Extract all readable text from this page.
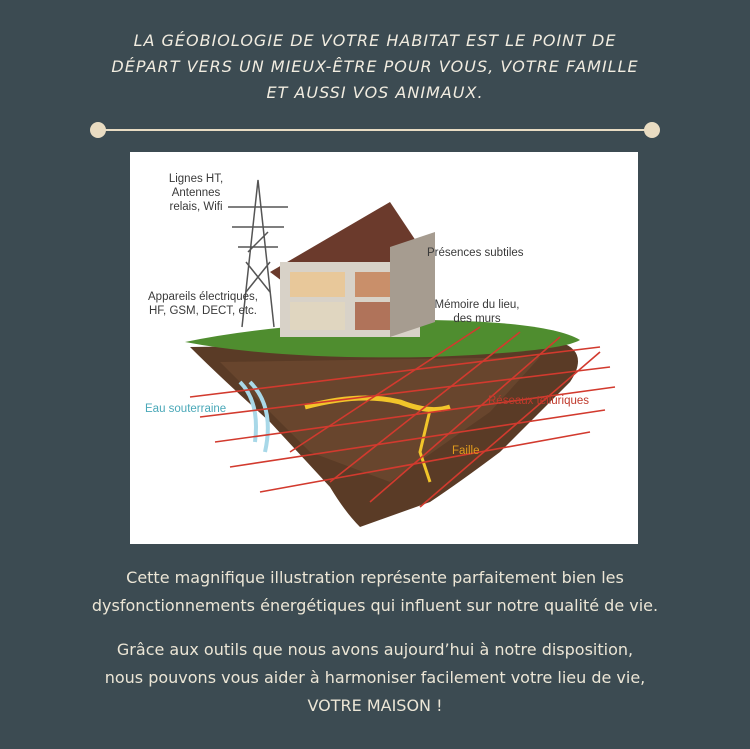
LA GÉOBIOLOGIE DE VOTRE HABITAT EST LE POINT DE
DÉPART VERS UN MIEUX-ÊTRE POUR VOUS, VOTRE FAMILLE
ET AUSSI VOS ANIMAUX.
Lignes HT,
Antennes
relais, Wifi
Présences subtiles
Appareils électriques,
HF, GSM, DECT, etc.	Mémoire du lieu,
des murs
Eau souterraine
Réseaux telluriques
Faille
Cette magnifique illustration représente parfaitement bien les
dysfonctionnements énergétiques qui influent sur notre qualité de vie.
Grâce aux outils que nous avons aujourd’hui à notre disposition,
nous pouvons vous aider à harmoniser facilement votre lieu de vie,
VOTRE MAISON !
